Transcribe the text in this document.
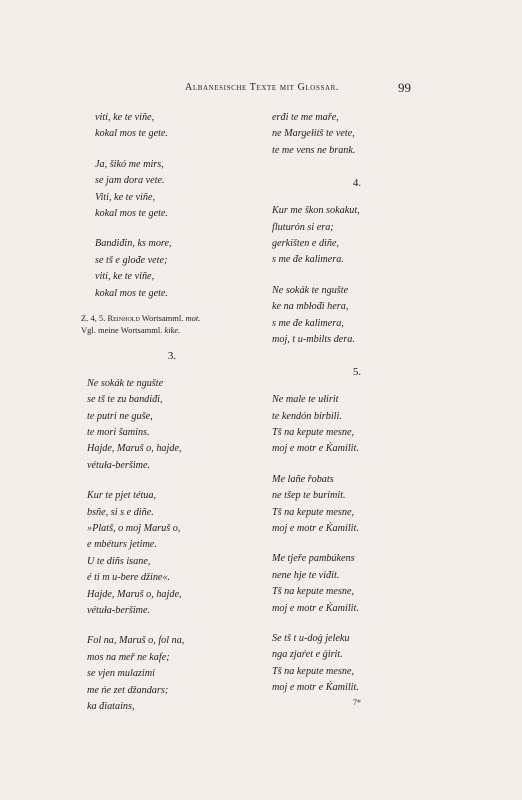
Albanesische Texte mit Glossar.	99
viti, ke te viñe,
kokal mos te gete.
Ja, šikó me mirs,
se jam dora vete.
Viti, ke te viñe,
kokal mos te gete.
Bandiđin, ks more,
se tš e glođe vete;
viti, ke te viñe,
kokal mos te gete.
Z. 4, 5. Reinhold Wortsamml. mot.
Vgl. meine Wortsamml. kike.
3.
Ne sokák te ngušte
se tš te zu bandiđi,
te putri ne guše,
te mori šamins.
Hajde, Maruš o, hajde,
vétuła-beršime.
Kur te pjet tétua,
bsñe, si s e diñe.
»Platš, o moj Maruš o,
e mbéturs jetime.
U te diñs isane,
é ti m u-bere džine«.
Hajde, Maruš o, hajde,
vétuła-beršime.
Fol na, Maruš o, fol na,
mos na meř ne kafe;
se vjen mulazimi
me ńe zet džandars;
ka điatains,
erđi te me maře,
ne Margełitš te vete,
te me vens ne brank.
4.
Kur me škon sokakut,
fluturón si era;
gerkišten e diñe,
s me đe kalimera.
Ne sokák te ngušte
ke na mbłođi hera,
s me đe kalimera,
moj, t u-mbilts dera.
5.
Ne male te ułirit
te kendón birbili.
Tš na kepute mesne,
moj e motr e Ḱamilit.
Me lañe řobats
ne tšep te burimit.
Tš na kepute mesne,
moj e motr e Ḱamilit.
Me tjeře pambúkens
nene hje te viđit.
Tš na kepute mesne,
moj e motr e Ḱamilit.
Se tš t u-doǵ jeleku
nga zjaŕet e ǵirit.
Tš na kepute mesne,
moj e motr e Ḱamilit.
7*
